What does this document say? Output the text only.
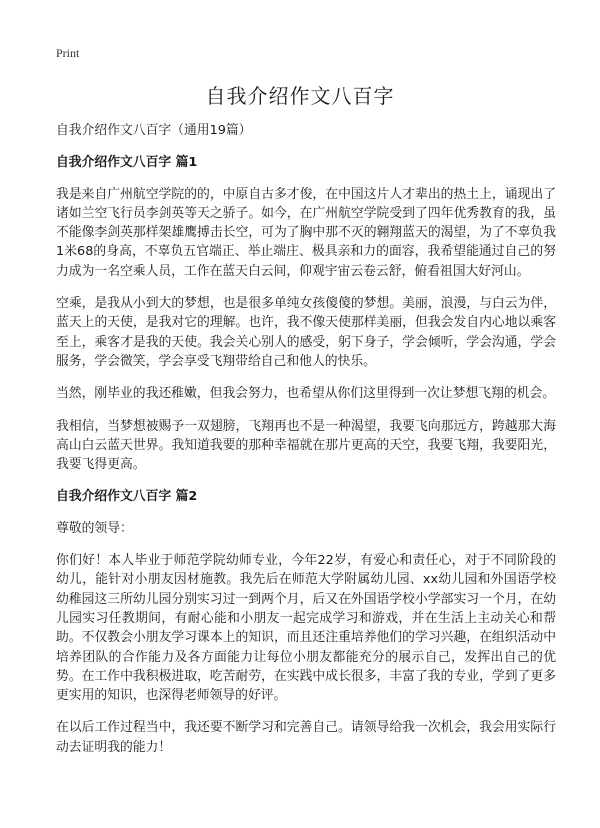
Print
自我介绍作文八百字

自我介绍作文八百字（通用19篇）

自我介绍作文八百字 篇1

我是来自广州航空学院的的，中原自古多才俊，在中国这片人才辈出的热土上，诵现出了诸如兰空飞行员李剑英等天之骄子。如今，在广州航空学院受到了四年优秀教育的我，虽不能像李剑英那样架雄鹰搏击长空，可为了胸中那不灭的翱翔蓝天的渴望，为了不辜负我1米68的身高，不辜负五官端正、举止端庄、极具亲和力的面容，我希望能通过自己的努力成为一名空乘人员，工作在蓝天白云间，仰观宇宙云卷云舒，俯看祖国大好河山。

空乘，是我从小到大的梦想，也是很多单纯女孩傻傻的梦想。美丽，浪漫，与白云为伴，蓝天上的天使，是我对它的理解。也许，我不像天使那样美丽，但我会发自内心地以乘客至上，乘客才是我的天使。我会关心别人的感受，躬下身子，学会倾听，学会沟通，学会服务，学会微笑，学会享受飞翔带给自己和他人的快乐。

当然，刚毕业的我还稚嫩，但我会努力，也希望从你们这里得到一次让梦想飞翔的机会。

我相信，当梦想被赐予一双翅膀，飞翔再也不是一种渴望，我要飞向那远方，跨越那大海高山白云蓝天世界。我知道我要的那种幸福就在那片更高的天空，我要飞翔，我要阳光，我要飞得更高。

自我介绍作文八百字 篇2

尊敬的领导：

你们好！本人毕业于师范学院幼师专业，今年22岁，有爱心和责任心，对于不同阶段的幼儿，能针对小朋友因材施教。我先后在师范大学附属幼儿园、xx幼儿园和外国语学校幼稚园这三所幼儿园分别实习过一到两个月，后又在外国语学校小学部实习一个月，在幼儿园实习任教期间，有耐心能和小朋友一起完成学习和游戏，并在生活上主动关心和帮助。不仅教会小朋友学习课本上的知识，而且还注重培养他们的学习兴趣，在组织活动中培养团队的合作能力及各方面能力让每位小朋友都能充分的展示自己，发挥出自己的优势。在工作中我积极进取，吃苦耐劳，在实践中成长很多，丰富了我的专业，学到了更多更实用的知识，也深得老师领导的好评。

在以后工作过程当中，我还要不断学习和完善自己。请领导给我一次机会，我会用实际行动去证明我的能力！
